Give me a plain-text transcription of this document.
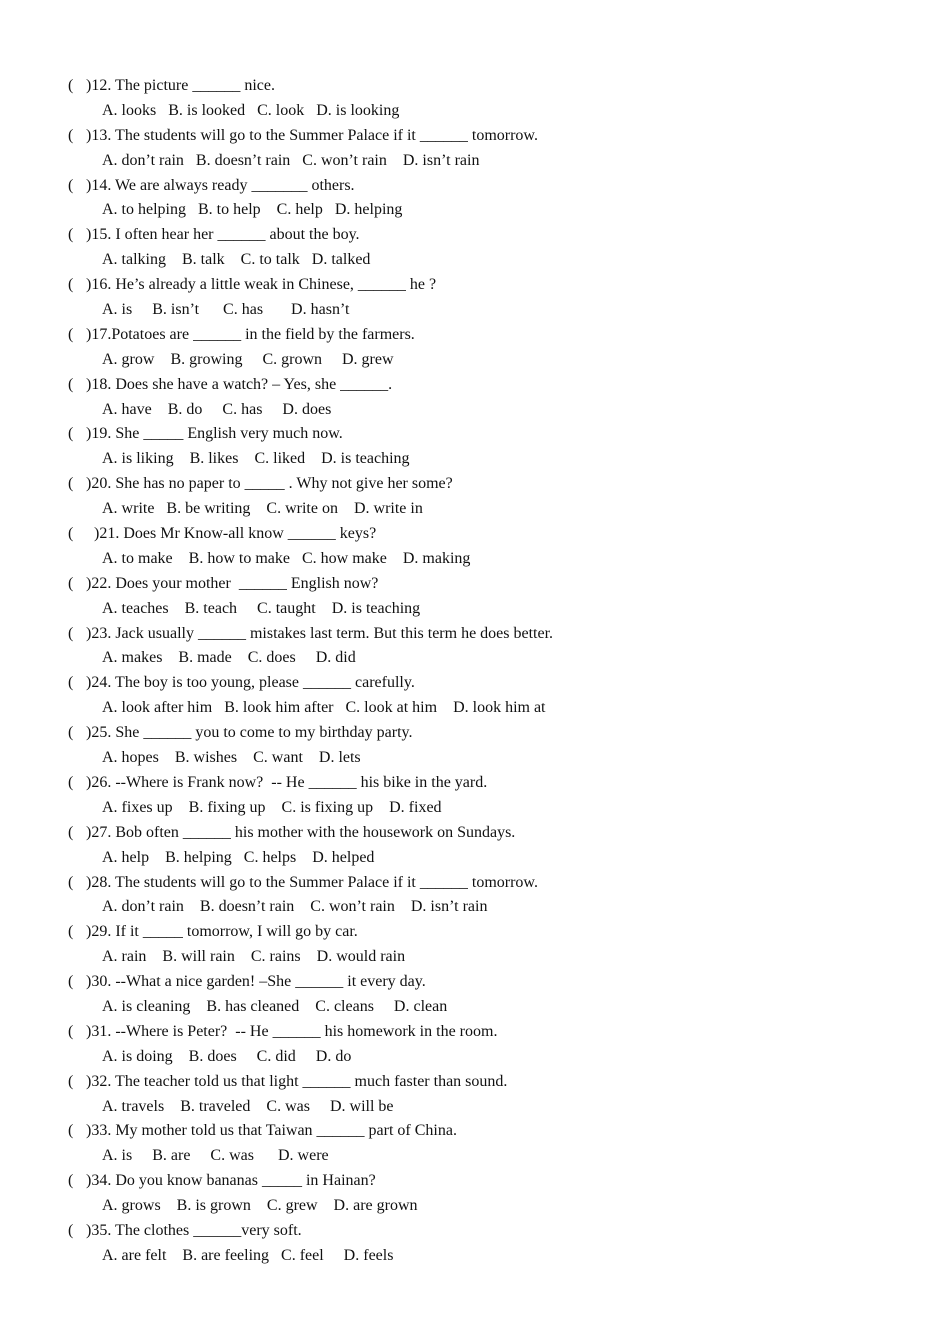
( )12. The picture ______ nice.
A. looks   B. is looked   C. look   D. is looking
( )13. The students will go to the Summer Palace if it ______ tomorrow.
A. don’t rain   B. doesn’t rain   C. won’t rain    D. isn’t rain
( )14. We are always ready _______ others.
A. to helping   B. to help    C. help   D. helping
( )15. I often hear her ______ about the boy.
A. talking    B. talk    C. to talk   D. talked
( )16. He’s already a little weak in Chinese, ______ he ?
A. is     B. isn’t      C. has       D. hasn’t
( )17.Potatoes are ______ in the field by the farmers.
A. grow    B. growing     C. grown     D. grew
( )18. Does she have a watch? – Yes, she ______.
A. have    B. do     C. has     D. does
( )19. She _____ English very much now.
A. is liking    B. likes    C. liked    D. is teaching
( )20. She has no paper to _____ . Why not give her some?
A. write   B. be writing    C. write on    D. write in
(  )21. Does Mr Know-all know ______ keys?
A. to make    B. how to make   C. how make    D. making
( )22. Does your mother  ______ English now?
A. teaches    B. teach     C. taught    D. is teaching
( )23. Jack usually ______ mistakes last term. But this term he does better.
A. makes    B. made    C. does     D. did
( )24. The boy is too young, please ______ carefully.
A. look after him   B. look him after   C. look at him    D. look him at
( )25. She ______ you to come to my birthday party.
A. hopes    B. wishes    C. want    D. lets
( )26. --Where is Frank now?  -- He ______ his bike in the yard.
A. fixes up    B. fixing up    C. is fixing up    D. fixed
( )27. Bob often ______ his mother with the housework on Sundays.
A. help    B. helping   C. helps    D. helped
( )28. The students will go to the Summer Palace if it ______ tomorrow.
A. don’t rain    B. doesn’t rain    C. won’t rain    D. isn’t rain
( )29. If it _____ tomorrow, I will go by car.
A. rain    B. will rain    C. rains    D. would rain
( )30. --What a nice garden! –She ______ it every day.
A. is cleaning    B. has cleaned    C. cleans     D. clean
( )31. --Where is Peter?  -- He ______ his homework in the room.
A. is doing    B. does     C. did     D. do
( )32. The teacher told us that light ______ much faster than sound.
A. travels    B. traveled    C. was     D. will be
( )33. My mother told us that Taiwan ______ part of China.
A. is     B. are     C. was      D. were
( )34. Do you know bananas _____ in Hainan?
A. grows    B. is grown    C. grew    D. are grown
( )35. The clothes ______very soft.
A. are felt    B. are feeling   C. feel     D. feels
